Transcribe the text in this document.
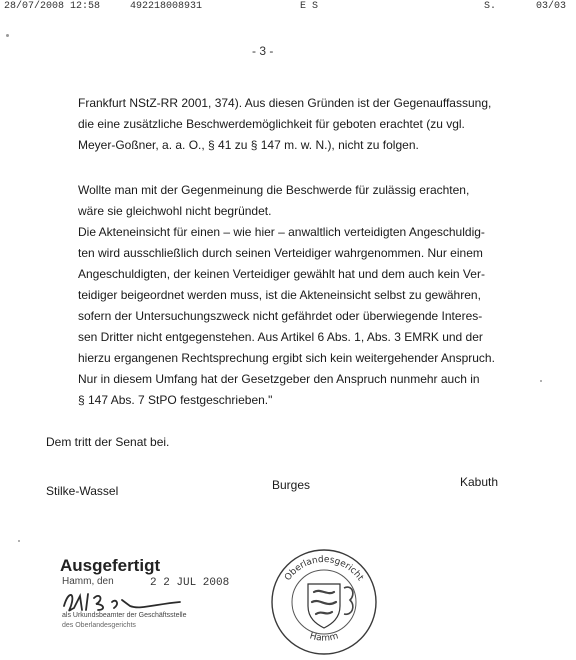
28/07/2008 12:58	492218008931	E S	S.	03/03
- 3 -
Frankfurt NStZ-RR 2001, 374). Aus diesen Gründen ist der Gegenauffassung,
die eine zusätzliche Beschwerdemöglichkeit für geboten erachtet (zu vgl.
Meyer-Goßner, a. a. O., § 41 zu § 147 m. w. N.), nicht zu folgen.
Wollte man mit der Gegenmeinung die Beschwerde für zulässig erachten,
wäre sie gleichwohl nicht begründet.
Die Akteneinsicht für einen – wie hier – anwaltlich verteidigten Angeschuldig-
ten wird ausschließlich durch seinen Verteidiger wahrgenommen. Nur einem
Angeschuldigten, der keinen Verteidiger gewählt hat und dem auch kein Ver-
teidiger beigeordnet werden muss, ist die Akteneinsicht selbst zu gewähren,
sofern der Untersuchungszweck nicht gefährdet oder überwiegende Interes-
sen Dritter nicht entgegenstehen. Aus Artikel 6 Abs. 1, Abs. 3 EMRK und der
hierzu ergangenen Rechtsprechung ergibt sich kein weitergehender Anspruch.
Nur in diesem Umfang hat der Gesetzgeber den Anspruch nunmehr auch in
§ 147 Abs. 7 StPO festgeschrieben."
Dem tritt der Senat bei.
Stilke-Wassel	Burges	Kabuth
Ausgefertigt
Hamm, den	2 2 JUL 2008
als Urkundsbeamter der Geschäftsstelle
des Oberlandesgerichts
Oberlandesgericht
Hamm
